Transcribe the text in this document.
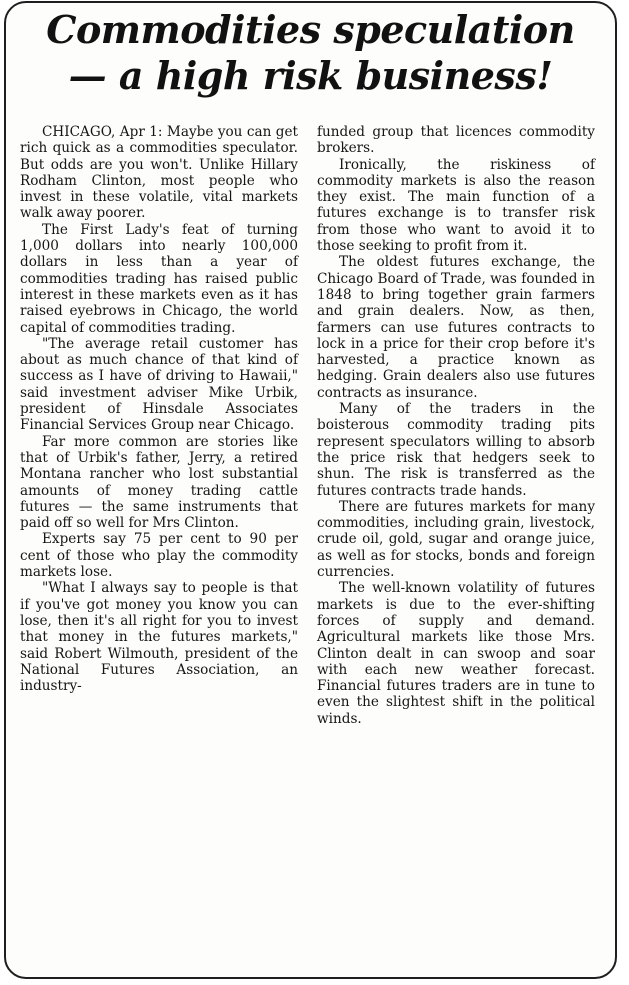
Commodities speculation
— a high risk business!

CHICAGO, Apr 1: Maybe you can get rich quick as a commodities speculator. But odds are you won't. Unlike Hillary Rodham Clinton, most people who invest in these volatile, vital markets walk away poorer.

The First Lady's feat of turning 1,000 dollars into nearly 100,000 dollars in less than a year of commodities trading has raised public interest in these markets even as it has raised eyebrows in Chicago, the world capital of commodities trading.

"The average retail customer has about as much chance of that kind of success as I have of driving to Hawaii," said investment adviser Mike Urbik, president of Hinsdale Associates Financial Services Group near Chicago.

Far more common are stories like that of Urbik's father, Jerry, a retired Montana rancher who lost substantial amounts of money trading cattle futures — the same instruments that paid off so well for Mrs Clinton.

Experts say 75 per cent to 90 per cent of those who play the commodity markets lose.

"What I always say to people is that if you've got money you know you can lose, then it's all right for you to invest that money in the futures markets," said Robert Wilmouth, president of the National Futures Association, an industry-

funded group that licences commodity brokers.

Ironically, the riskiness of commodity markets is also the reason they exist. The main function of a futures exchange is to transfer risk from those who want to avoid it to those seeking to profit from it.

The oldest futures exchange, the Chicago Board of Trade, was founded in 1848 to bring together grain farmers and grain dealers. Now, as then, farmers can use futures contracts to lock in a price for their crop before it's harvested, a practice known as hedging. Grain dealers also use futures contracts as insurance.

Many of the traders in the boisterous commodity trading pits represent speculators willing to absorb the price risk that hedgers seek to shun. The risk is transferred as the futures contracts trade hands.

There are futures markets for many commodities, including grain, livestock, crude oil, gold, sugar and orange juice, as well as for stocks, bonds and foreign currencies.

The well-known volatility of futures markets is due to the ever-shifting forces of supply and demand. Agricultural markets like those Mrs. Clinton dealt in can swoop and soar with each new weather forecast. Financial futures traders are in tune to even the slightest shift in the political winds.
